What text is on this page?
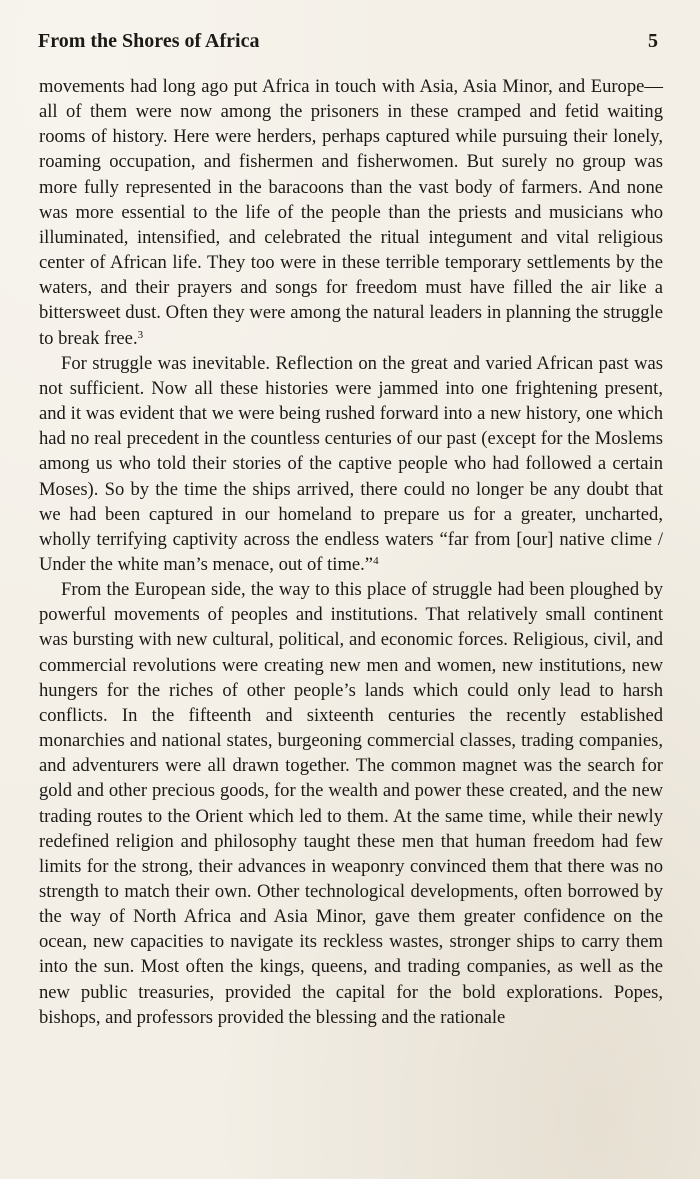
From the Shores of Africa	5

movements had long ago put Africa in touch with Asia, Asia Minor, and Europe—all of them were now among the prisoners in these cramped and fetid waiting rooms of history. Here were herders, perhaps captured while pursuing their lonely, roaming occupation, and fishermen and fisherwomen. But surely no group was more fully represented in the baracoons than the vast body of farmers. And none was more essential to the life of the people than the priests and musicians who illuminated, intensified, and celebrated the ritual integument and vital religious center of African life. They too were in these terrible temporary settlements by the waters, and their prayers and songs for freedom must have filled the air like a bittersweet dust. Often they were among the natural leaders in planning the struggle to break free.$^3$

For struggle was inevitable. Reflection on the great and varied African past was not sufficient. Now all these histories were jammed into one frightening present, and it was evident that we were being rushed forward into a new history, one which had no real precedent in the countless centuries of our past (except for the Moslems among us who told their stories of the captive people who had followed a certain Moses). So by the time the ships arrived, there could no longer be any doubt that we had been captured in our homeland to prepare us for a greater, uncharted, wholly terrifying captivity across the endless waters “far from [our] native clime / Under the white man’s menace, out of time.”$^4$

From the European side, the way to this place of struggle had been ploughed by powerful movements of peoples and institutions. That relatively small continent was bursting with new cultural, political, and economic forces. Religious, civil, and commercial revolutions were creating new men and women, new institutions, new hungers for the riches of other people’s lands which could only lead to harsh conflicts. In the fifteenth and sixteenth centuries the recently established monarchies and national states, burgeoning commercial classes, trading companies, and adventurers were all drawn together. The common magnet was the search for gold and other precious goods, for the wealth and power these created, and the new trading routes to the Orient which led to them. At the same time, while their newly redefined religion and philosophy taught these men that human freedom had few limits for the strong, their advances in weaponry convinced them that there was no strength to match their own. Other technological developments, often borrowed by the way of North Africa and Asia Minor, gave them greater confidence on the ocean, new capacities to navigate its reckless wastes, stronger ships to carry them into the sun. Most often the kings, queens, and trading companies, as well as the new public treasuries, provided the capital for the bold explorations. Popes, bishops, and professors provided the blessing and the rationale
